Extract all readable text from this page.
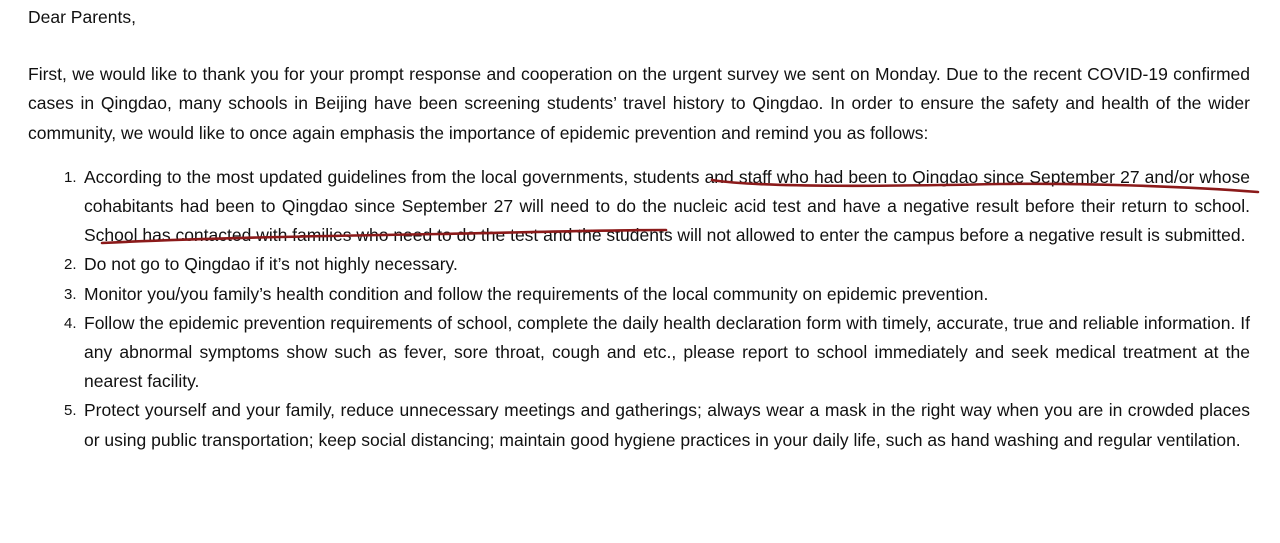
Dear Parents,

First, we would like to thank you for your prompt response and cooperation on the urgent survey we sent on Monday. Due to the recent COVID-19 confirmed cases in Qingdao, many schools in Beijing have been screening students’ travel history to Qingdao. In order to ensure the safety and health of the wider community, we would like to once again emphasis the importance of epidemic prevention and remind you as follows:

1. According to the most updated guidelines from the local governments, students and staff who had been to Qingdao since September 27 and/or whose cohabitants had been to Qingdao since September 27 will need to do the nucleic acid test and have a negative result before their return to school. School has contacted with families who need to do the test and the students will not allowed to enter the campus before a negative result is submitted.
2. Do not go to Qingdao if it’s not highly necessary.
3. Monitor you/you family’s health condition and follow the requirements of the local community on epidemic prevention.
4. Follow the epidemic prevention requirements of school, complete the daily health declaration form with timely, accurate, true and reliable information. If any abnormal symptoms show such as fever, sore throat, cough and etc., please report to school immediately and seek medical treatment at the nearest facility.
5. Protect yourself and your family, reduce unnecessary meetings and gatherings; always wear a mask in the right way when you are in crowded places or using public transportation; keep social distancing; maintain good hygiene practices in your daily life, such as hand washing and regular ventilation.
